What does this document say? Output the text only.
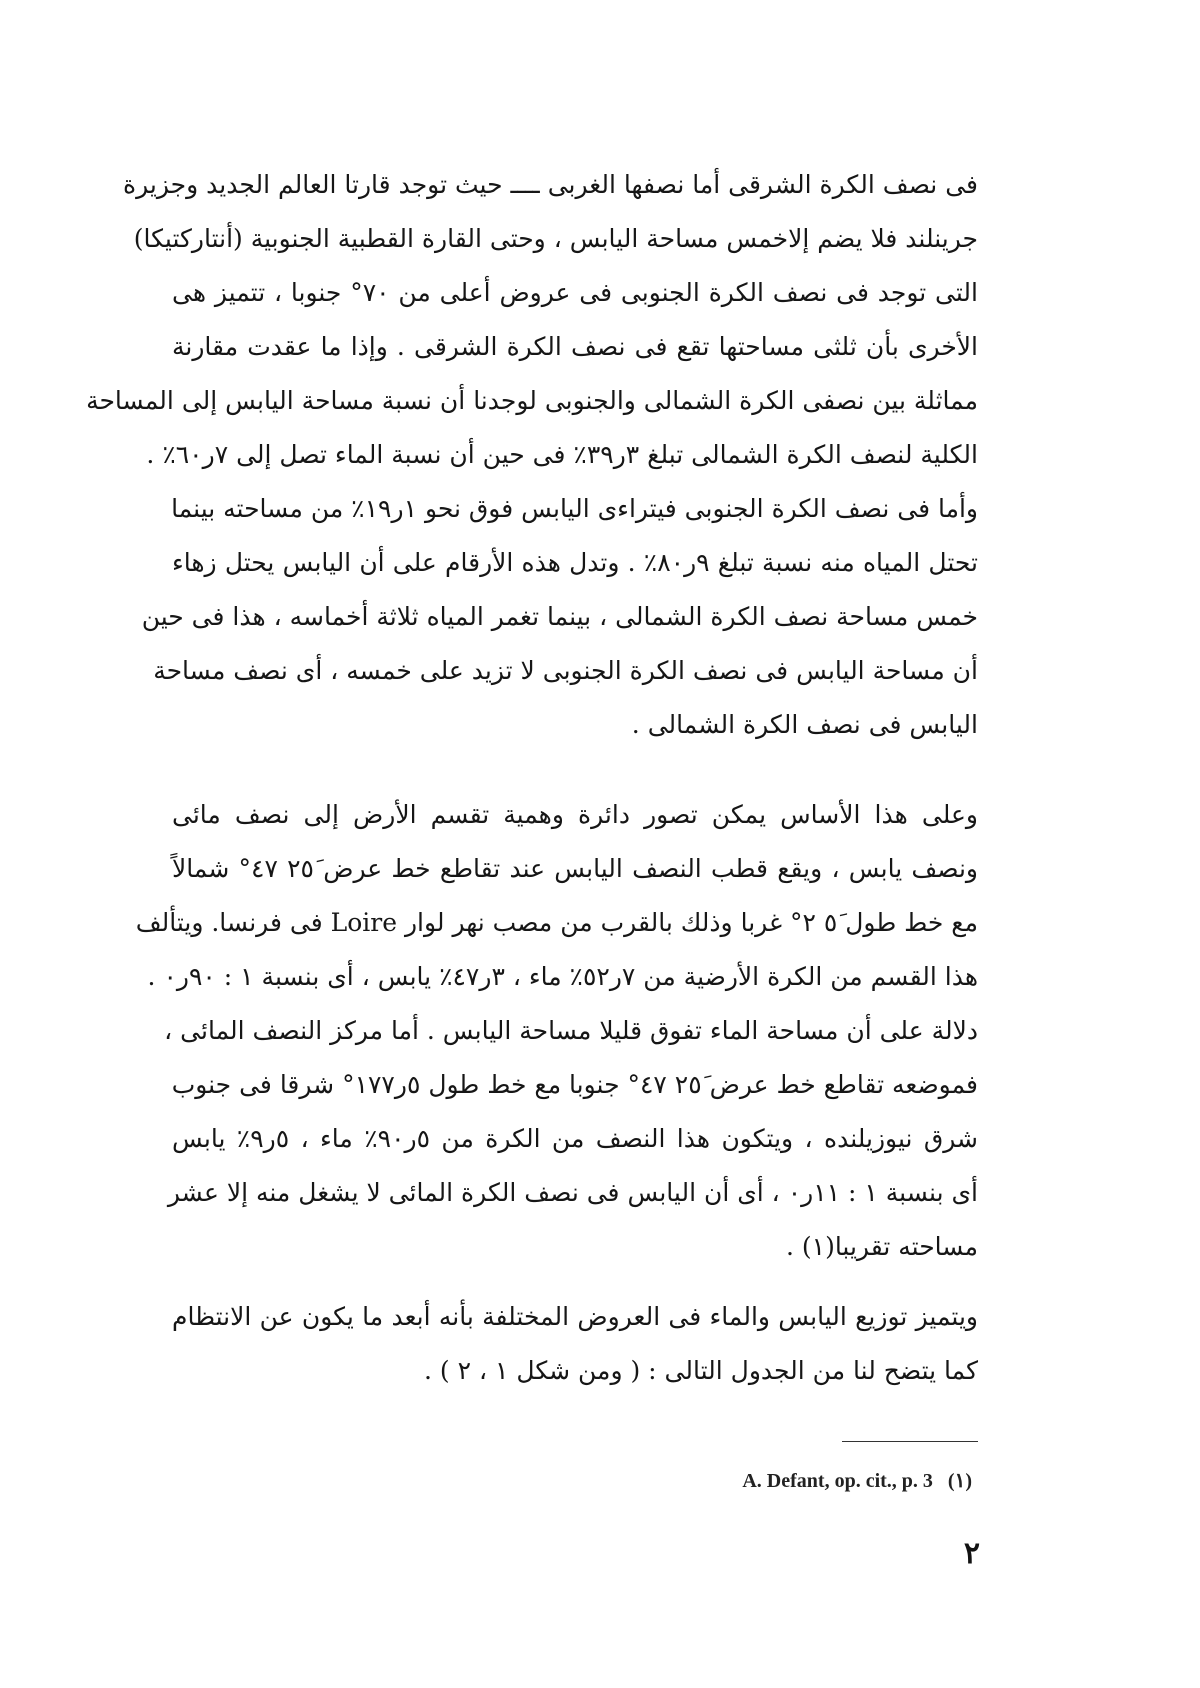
فى نصف الكرة الشرقى أما نصفها الغربى ــــ حيث توجد قارتا العالم الجديد وجزيرة
جرينلند فلا يضم إلاخمس مساحة اليابس ، وحتى القارة القطبية الجنوبية (أنتاركتيكا)
التى توجد فى نصف الكرة الجنوبى فى عروض أعلى من ٧٠° جنوبا ، تتميز هى
الأخرى بأن ثلثى مساحتها تقع فى نصف الكرة الشرقى . وإذا ما عقدت مقارنة
مماثلة بين نصفى الكرة الشمالى والجنوبى لوجدنا أن نسبة مساحة اليابس إلى المساحة
الكلية لنصف الكرة الشمالى تبلغ ٣ر٣٩٪ فى حين أن نسبة الماء تصل إلى ٧ر٦٠٪ .
وأما فى نصف الكرة الجنوبى فيتراءى اليابس فوق نحو ١ر١٩٪ من مساحته بينما
تحتل المياه منه نسبة تبلغ ٩ر٨٠٪ . وتدل هذه الأرقام على أن اليابس يحتل زهاء
خمس مساحة نصف الكرة الشمالى ، بينما تغمر المياه ثلاثة أخماسه ، هذا فى حين
أن مساحة اليابس فى نصف الكرة الجنوبى لا تزيد على خمسه ، أى نصف مساحة
اليابس فى نصف الكرة الشمالى .
وعلى هذا الأساس يمكن تصور دائرة وهمية تقسم الأرض إلى نصف مائى
ونصف يابس ، ويقع قطب النصف اليابس عند تقاطع خط عرض ٢٥َ ٤٧° شمالاً
مع خط طول ٥َ ٢° غربا وذلك بالقرب من مصب نهر لوار Loire فى فرنسا. ويتألف
هذا القسم من الكرة الأرضية من ٧ر٥٢٪ ماء ، ٣ر٤٧٪ يابس ، أى بنسبة ١ : ٩٠ر٠ .
دلالة على أن مساحة الماء تفوق قليلا مساحة اليابس . أما مركز النصف المائى ،
فموضعه تقاطع خط عرض ٢٥َ ٤٧° جنوبا مع خط طول ٥ر١٧٧° شرقا فى جنوب
شرق نيوزيلنده ، ويتكون هذا النصف من الكرة من ٥ر٩٠٪ ماء ، ٥ر٩٪ يابس
أى بنسبة ١ : ١١ر٠ ، أى أن اليابس فى نصف الكرة المائى لا يشغل منه إلا عشر
مساحته تقريبا(١) .
ويتميز توزيع اليابس والماء فى العروض المختلفة بأنه أبعد ما يكون عن الانتظام
كما يتضح لنا من الجدول التالى : ( ومن شكل ١ ، ٢ ) .
A. Defant, op. cit., p. 3 (١)
٢
